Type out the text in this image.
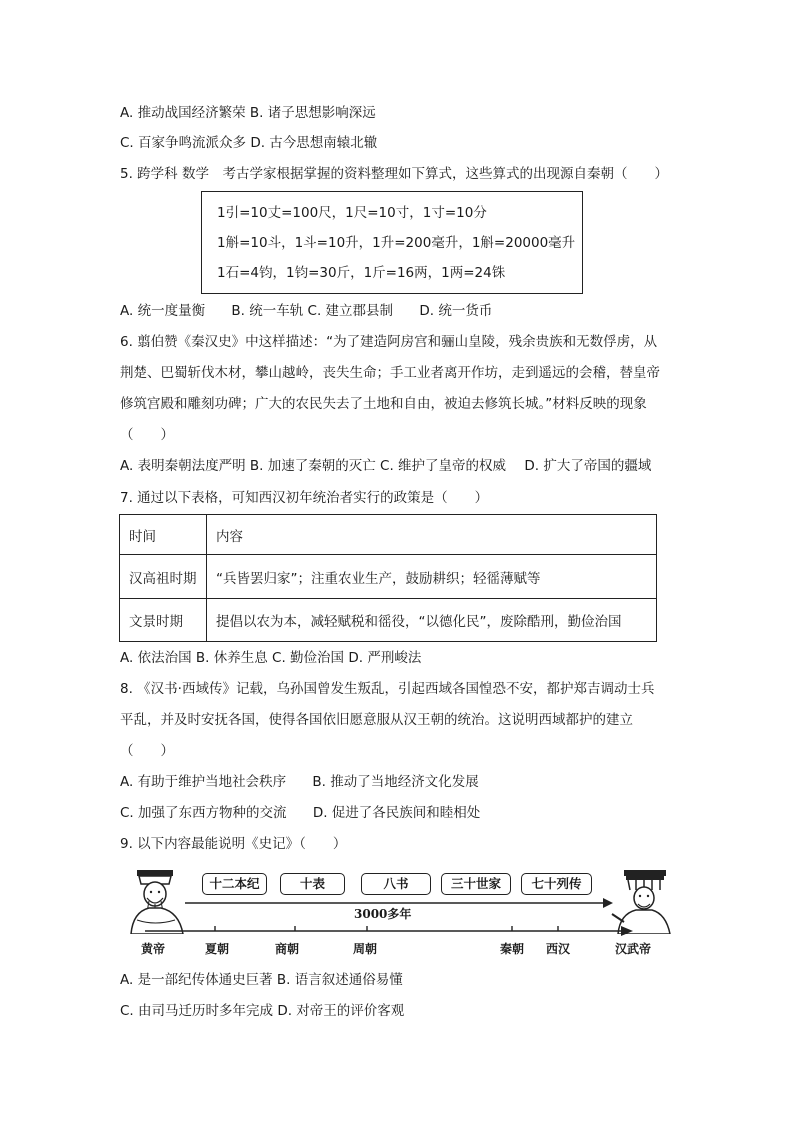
A. 推动战国经济繁荣 B. 诸子思想影响深远
C. 百家争鸣流派众多 D. 古今思想南辕北辙
5. 跨学科 数学　考古学家根据掌握的资料整理如下算式，这些算式的出现源自秦朝（　　）
1引=10丈=100尺，1尺=10寸，1寸=10分
1斛=10斗，1斗=10升，1升=200毫升，1斛=20000毫升
1石=4钧，1钧=30斤，1斤=16两，1两=24铢
A. 统一度量衡 B. 统一车轨 C. 建立郡县制 D. 统一货币
6. 翦伯赞《秦汉史》中这样描述：“为了建造阿房宫和骊山皇陵，残余贵族和无数俘虏，从
荆楚、巴蜀斩伐木材，攀山越岭，丧失生命；手工业者离开作坊，走到遥远的会稽，替皇帝
修筑宫殿和雕刻功碑；广大的农民失去了土地和自由，被迫去修筑长城。”材料反映的现象
（　　）
A. 表明秦朝法度严明 B. 加速了秦朝的灭亡 C. 维护了皇帝的权威 D. 扩大了帝国的疆域
7. 通过以下表格，可知西汉初年统治者实行的政策是（　　）
时间	内容
汉高祖时期	“兵皆罢归家”；注重农业生产，鼓励耕织；轻徭薄赋等
文景时期	提倡以农为本，减轻赋税和徭役，“以德化民”，废除酷刑，勤俭治国
A. 依法治国 B. 休养生息 C. 勤俭治国 D. 严刑峻法
8. 《汉书·西域传》记载，乌孙国曾发生叛乱，引起西域各国惶恐不安，都护郑吉调动士兵
平乱，并及时安抚各国，使得各国依旧愿意服从汉王朝的统治。这说明西域都护的建立
（　　）
A. 有助于维护当地社会秩序 B. 推动了当地经济文化发展
C. 加强了东西方物种的交流 D. 促进了各民族间和睦相处
9. 以下内容最能说明《史记》（　　）
十二本纪	十表	八书	三十世家	七十列传
3000多年
黄帝	夏朝	商朝	周朝	秦朝 西汉	汉武帝
A. 是一部纪传体通史巨著 B. 语言叙述通俗易懂
C. 由司马迁历时多年完成 D. 对帝王的评价客观
